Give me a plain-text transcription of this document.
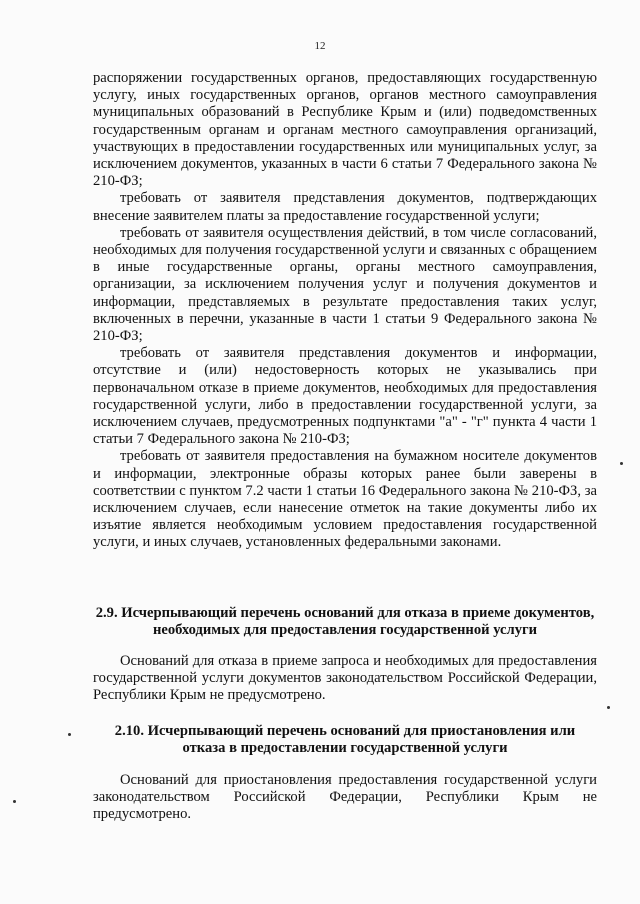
12

распоряжении государственных органов, предоставляющих государственную услугу, иных государственных органов, органов местного самоуправления муниципальных образований в Республике Крым и (или) подведомственных государственным органам и органам местного самоуправления организаций, участвующих в предоставлении государственных или муниципальных услуг, за исключением документов, указанных в части 6 статьи 7 Федерального закона № 210-ФЗ;

требовать от заявителя представления документов, подтверждающих внесение заявителем платы за предоставление государственной услуги;

требовать от заявителя осуществления действий, в том числе согласований, необходимых для получения государственной услуги и связанных с обращением в иные государственные органы, органы местного самоуправления, организации, за исключением получения услуг и получения документов и информации, представляемых в результате предоставления таких услуг, включенных в перечни, указанные в части 1 статьи 9 Федерального закона № 210-ФЗ;

требовать от заявителя представления документов и информации, отсутствие и (или) недостоверность которых не указывались при первоначальном отказе в приеме документов, необходимых для предоставления государственной услуги, либо в предоставлении государственной услуги, за исключением случаев, предусмотренных подпунктами "а" - "г" пункта 4 части 1 статьи 7 Федерального закона № 210-ФЗ;

требовать от заявителя предоставления на бумажном носителе документов и информации, электронные образы которых ранее были заверены в соответствии с пунктом 7.2 части 1 статьи 16 Федерального закона № 210-ФЗ, за исключением случаев, если нанесение отметок на такие документы либо их изъятие является необходимым условием предоставления государственной услуги, и иных случаев, установленных федеральными законами.

2.9. Исчерпывающий перечень оснований для отказа в приеме документов, необходимых для предоставления государственной услуги

Оснований для отказа в приеме запроса и необходимых для предоставления государственной услуги документов законодательством Российской Федерации, Республики Крым не предусмотрено.

2.10. Исчерпывающий перечень оснований для приостановления или отказа в предоставлении государственной услуги

Оснований для приостановления предоставления государственной услуги законодательством Российской Федерации, Республики Крым не предусмотрено.
